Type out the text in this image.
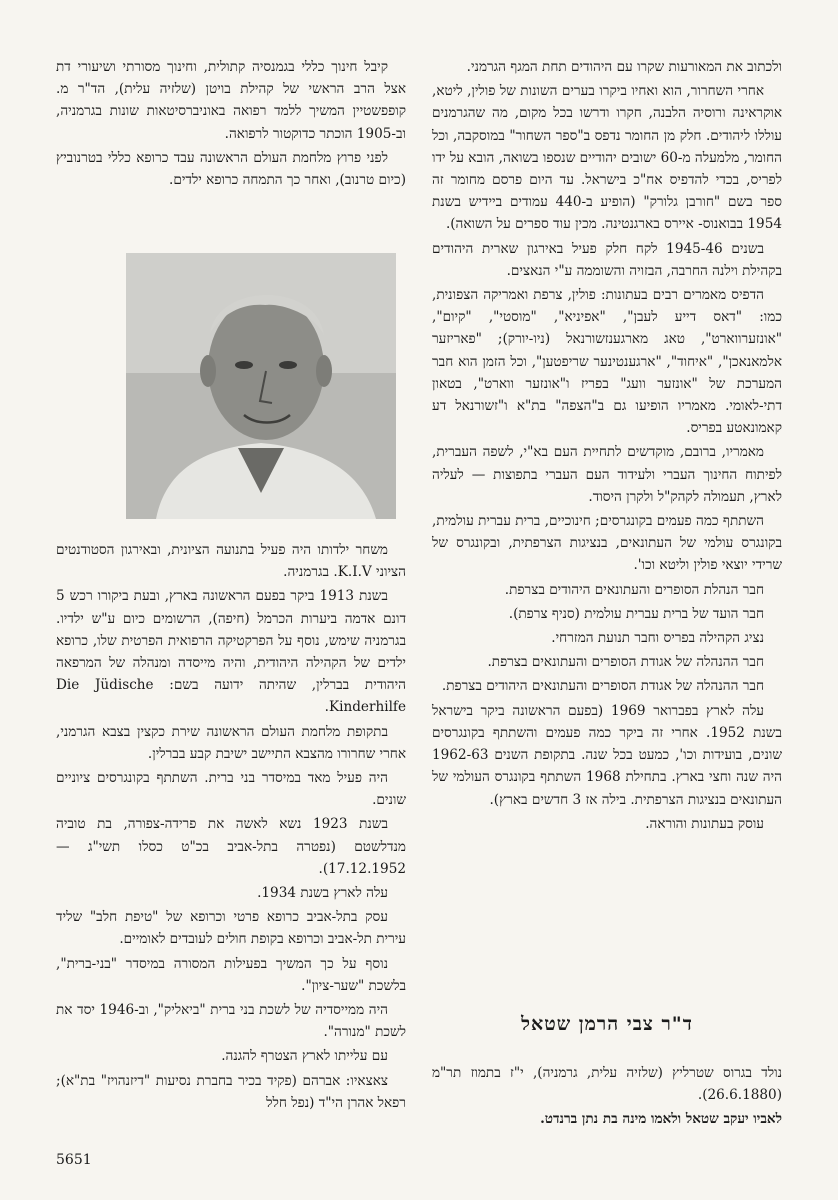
ולכתוב את המאורעות שקרו עם היהודים תחת המגף הגרמני.

אחרי השחרור, הוא ואחיו ביקרו בערים השונות של פולין, ליטא, אוקראינה ורוסיה הלבנה, חקרו ודרשו בכל מקום, מה שהגרמנים עוללו ליהודים. חלק מן החומר נדפס ב"ספר השחור" במוסקבה, וכל החומר, מלמעלה מ-60 ישובים יהודיים שנספו בשואה, הובא על ידו לפריס, בכדי להדפיס אח"כ בישראל. עד היום פרסם מחומר זה ספר בשם "חורבן גלורק" (הופיע ב-440 עמודים ביידיש בשנת 1954 בבואנוס- איירס בארגנטינה. מכין עוד ספרים על השואה).

בשנים 1945-46 לקח חלק פעיל באירגון שארית היהודים בקהילת וילנה החרבה, הבזויה והשוממה ע"י הנאצים.

הדפיס מאמרים רבים בעתונות: פולין, צרפת ואמריקה הצפונית, כמו: "דאס דייע לעבן", "אפיניא", "מוסטי", "קיום", "אונזערווארט", טאג מארגענזשורנאל (ניו-יורק); "פאריזער אלמאנאכן", "איחוד", "ארגענטינער שריפטען", וכל הזמן הוא חבר המערכת של "אונזער וועג" בפריז ו"אונזער ווארט", בטאון דתי-לאומי. מאמריו הופיעו גם ב"הצפה" בת"א ו"זשורנאל דע קאמונאטע בפריס.

מאמריו, ברובם, מוקדשים לתחיית העם בא"י, לשפה העברית, לפיתוח החינוך העברי ולעידוד העם העברי בתפוצות — לעליה לארץ, תעמולה לקהק"ל ולקרן היסוד.

השתתף כמה פעמים בקונגרסים; חינוכיים, ברית עברית עולמית, בקונגרס עולמי של העתונאים, בנציגות הצרפתית, ובקונגרס של שרידי יוצאי פולין וליטא וכו'.

חבר הנהלת הסופרים והעתונאים היהודים בצרפת.

חבר הועד של ברית עברית עולמית (סניף צרפת).

נציג הקהילה בפריס וחבר תנועת המזרחי.

חבר ההנהלה של אגודת הסופרים והעתונאים בצרפת.

חבר ההנהלה של אגודת הסופרים והעתונאים היהודים בצרפת.

עלה לארץ בפברואר 1969 (בפעם הראשונה ביקר בישראל בשנת 1952. אחרי זה ביקר כמה פעמים והשתתף בקונגרסים שונים, בועידות וכו', כמעט בכל שנה. בתקופת השנים 1962-63 היה שנה וחצי בארץ. בתחילת 1968 השתתף בקונגרס העולמי של העתונאים בנציגות הצרפתית. בילה אז 3 חדשים בארץ).

עוסק בעתונות והוראה.

ד"ר צבי הרמן שטאל

נולד בגרוס שטרליץ (שלזיה עלית, גרמניה), י"ז בתמוז תר"מ (26.6.1880).

לאביו יעקב שטאל ולאמו מינה בת נתן ברנדט.

קיבל חינוך כללי בגמנסיה קתולית, וחינוך מסורתי ושיעורי דת אצל הרב הראשי של קהילת בויטן (שלזיה עלית), הד"ר מ. קופפשטיין המשיך ללמד רפואה באוניברסיטאות שונות בגרמניה, וב-1905 הוכתר כדוקטור לרפואה.

לפני פרוץ מלחמת העולם הראשונה עבד כרופא כללי בטרנוביץ (כיום טרנוב), ואחר כך התמחה כרופא ילדים.

משחר ילדותו היה פעיל בתנועה הציונית, ובאירגון הסטודנטים הציוני K.I.V. בגרמניה.

בשנת 1913 ביקר בפעם הראשונה בארץ, ובעת ביקורו רכש 5 דונם אדמה ביערות הכרמל (חיפה), הרשומים כיום ע"ש ילדיו. בגרמניה שימש, נוסף על הפרקטיקה הרפואית הפרטית שלו, כרופא ילדים של הקהילה היהודית, והיה מייסדה ומנהלה של המרפאה היהודית בברלין, שהיתה ידועה בשם: Die Jüdische Kinderhilfe.

בתקופת מלחמת העולם הראשונה שירת כקצין בצבא הגרמני, אחרי שחרורו מהצבא התיישב ישיבת קבע בברלין.

היה פעיל מאד במיסדר בני ברית. השתתף בקונגרסים ציוניים שונים.

בשנת 1923 נשא לאשה את פרידה-צפורה, בת טוביה מנדלשטם (נפטרה בתל-אביב בכ"ט כסלו תשי"ג — 17.12.1952).

עלה לארץ בשנת 1934.

עסק בתל-אביב כרופא פרטי וכרופא של "טיפת חלב" שליד עירית תל-אביב וכרופא בקופת חולים לעובדים לאומיים.

נוסף על כך המשיך בפעילות המסורה במיסדר "בני-ברית", בלשכת "שער-ציון".

היה ממייסדיה של לשכת בני ברית "ביאליק", וב-1946 יסד את לשכת "מנורה".

עם עלייתו לארץ הצטרף להגנה.

צאצאיו: אברהם (פקיד בכיר בחברת נסיעות "דיזנהויז" בת"א); רפאל אהרן הי"ד (נפל חלל

5651
